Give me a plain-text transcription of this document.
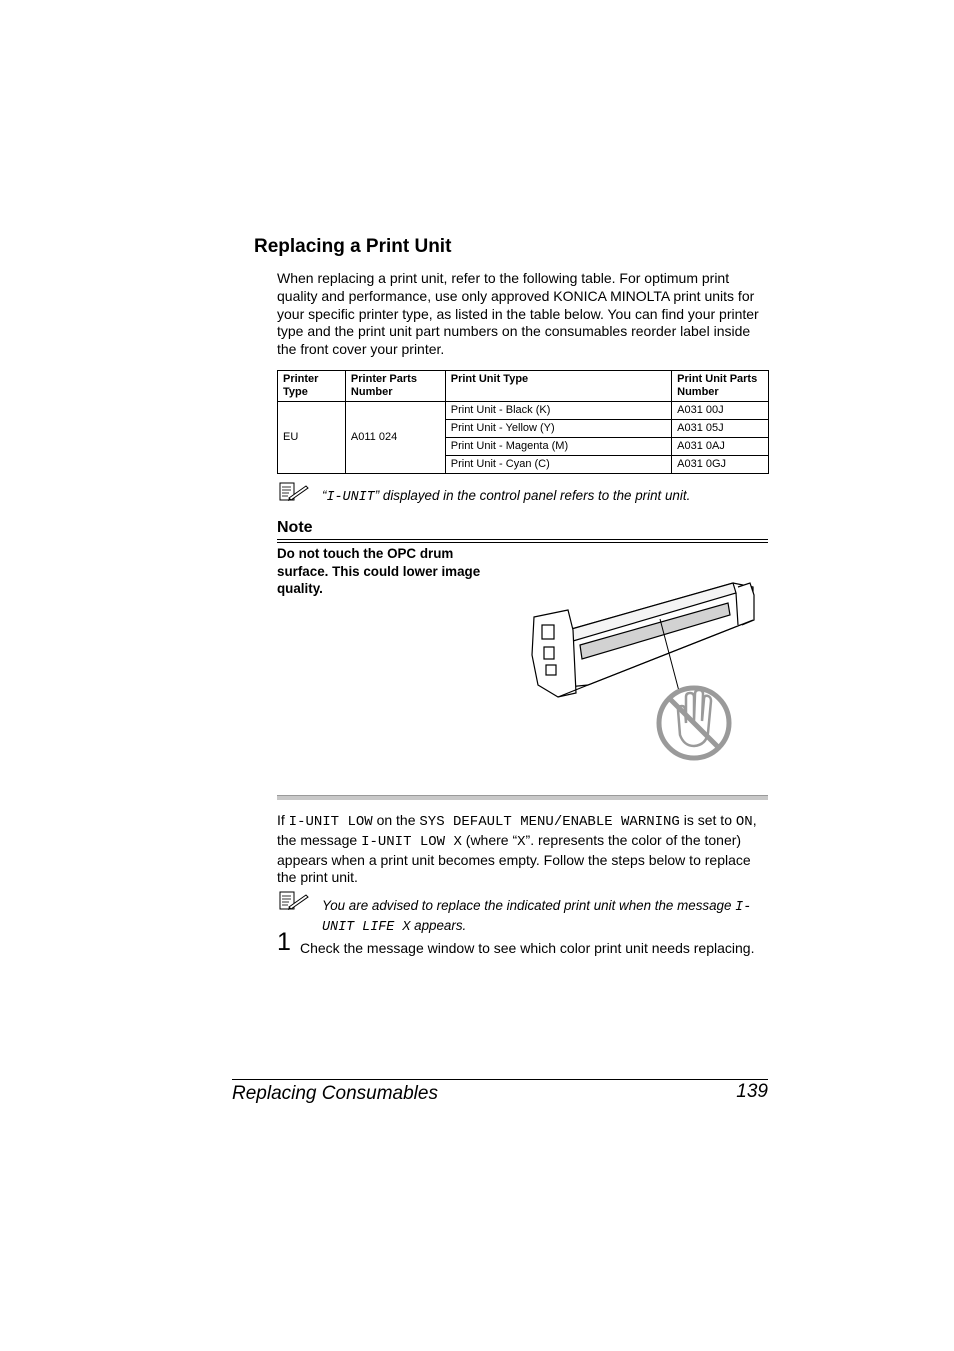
Replacing a Print Unit
When replacing a print unit, refer to the following table. For optimum print quality and performance, use only approved KONICA MINOLTA print units for your specific printer type, as listed in the table below. You can find your printer type and the print unit part numbers on the consumables reorder label inside the front cover your printer.
Printer Type	Printer Parts Number	Print Unit Type	Print Unit Parts Number
EU	A011 024	Print Unit - Black (K)	A031 00J
		Print Unit - Yellow (Y)	A031 05J
		Print Unit - Magenta (M)	A031 0AJ
		Print Unit - Cyan (C)	A031 0GJ
“I-UNIT” displayed in the control panel refers to the print unit.
Note
Do not touch the OPC drum surface. This could lower image quality.
If I-UNIT LOW on the SYS DEFAULT MENU/ENABLE WARNING is set to ON, the message I-UNIT LOW X (where “X”. represents the color of the toner) appears when a print unit becomes empty. Follow the steps below to replace the print unit.
You are advised to replace the indicated print unit when the message I-UNIT LIFE X appears.
1 Check the message window to see which color print unit needs replacing.
Replacing Consumables	139
